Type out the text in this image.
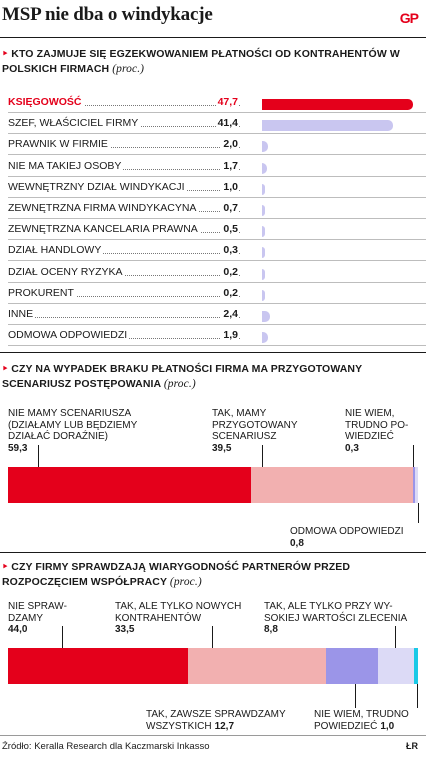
MSP nie dba o windykacje	GP
‣ KTO ZAJMUJE SIĘ EGZEKWOWANIEM PŁATNOŚCI OD KONTRAHENTÓW W POLSKICH FIRMACH (proc.)
KSIĘGOWOŚĆ	47,7
SZEF, WŁAŚCICIEL FIRMY	41,4
PRAWNIK W FIRMIE	2,0
NIE MA TAKIEJ OSOBY	1,7
WEWNĘTRZNY DZIAŁ WINDYKACJI	1,0
ZEWNĘTRZNA FIRMA WINDYKACYNA	0,7
ZEWNĘTRZNA KANCELARIA PRAWNA 0,5
DZIAŁ HANDLOWY	0,3
DZIAŁ OCENY RYZYKA	0,2
PROKURENT	0,2
INNE	2,4
ODMOWA ODPOWIEDZI	1,9
‣ CZY NA WYPADEK BRAKU PŁATNOŚCI FIRMA MA PRZYGOTOWANY SCENARIUSZ POSTĘPOWANIA (proc.)
NIE MAMY SCENARIUSZA
(DZIAŁAMY LUB BĘDZIEMY
DZIAŁAĆ DORAŹNIE)
59,3
TAK, MAMY
PRZYGOTOWANY
SCENARIUSZ
39,5
NIE WIEM,
TRUDNO PO-
WIEDZIEĆ
0,3
ODMOWA ODPOWIEDZI
0,8
‣ CZY FIRMY SPRAWDZAJĄ WIARYGODNOŚĆ PARTNERÓW PRZED ROZPOCZĘCIEM WSPÓŁPRACY (proc.)
NIE SPRAW-
DZAMY
44,0
TAK, ALE TYLKO NOWYCH
KONTRAHENTÓW
33,5
TAK, ALE TYLKO PRZY WY-
SOKIEJ WARTOŚCI ZLECENIA
8,8
TAK, ZAWSZE SPRAWDZAMY
WSZYSTKICH 12,7
NIE WIEM, TRUDNO
POWIEDZIEĆ 1,0
Źródło: Keralla Research dla Kaczmarski Inkasso	ŁR
